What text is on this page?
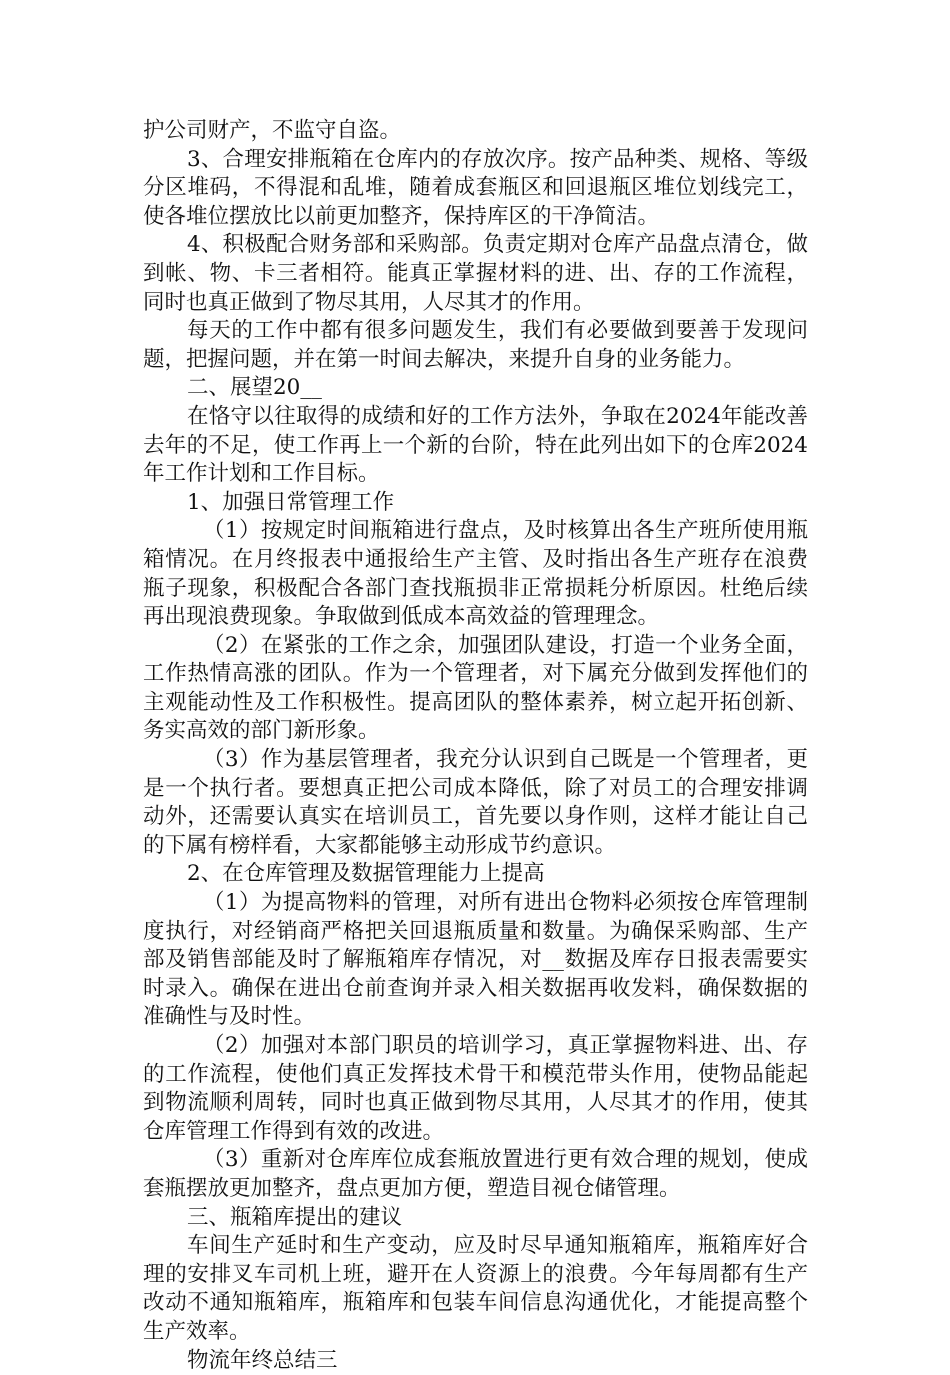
护公司财产，不监守自盗。

3、合理安排瓶箱在仓库内的存放次序。按产品种类、规格、等级分区堆码，不得混和乱堆，随着成套瓶区和回退瓶区堆位划线完工，使各堆位摆放比以前更加整齐，保持库区的干净简洁。

4、积极配合财务部和采购部。负责定期对仓库产品盘点清仓，做到帐、物、卡三者相符。能真正掌握材料的进、出、存的工作流程，同时也真正做到了物尽其用，人尽其才的作用。

每天的工作中都有很多问题发生，我们有必要做到要善于发现问题，把握问题，并在第一时间去解决，来提升自身的业务能力。

二、展望20__

在恪守以往取得的成绩和好的工作方法外，争取在2024年能改善去年的不足，使工作再上一个新的台阶，特在此列出如下的仓库2024年工作计划和工作目标。

1、加强日常管理工作

（1）按规定时间瓶箱进行盘点，及时核算出各生产班所使用瓶箱情况。在月终报表中通报给生产主管、及时指出各生产班存在浪费瓶子现象，积极配合各部门查找瓶损非正常损耗分析原因。杜绝后续再出现浪费现象。争取做到低成本高效益的管理理念。

（2）在紧张的工作之余，加强团队建设，打造一个业务全面，工作热情高涨的团队。作为一个管理者，对下属充分做到发挥他们的主观能动性及工作积极性。提高团队的整体素养，树立起开拓创新、务实高效的部门新形象。

（3）作为基层管理者，我充分认识到自己既是一个管理者，更是一个执行者。要想真正把公司成本降低，除了对员工的合理安排调动外，还需要认真实在培训员工，首先要以身作则，这样才能让自己的下属有榜样看，大家都能够主动形成节约意识。

2、在仓库管理及数据管理能力上提高

（1）为提高物料的管理，对所有进出仓物料必须按仓库管理制度执行，对经销商严格把关回退瓶质量和数量。为确保采购部、生产部及销售部能及时了解瓶箱库存情况，对__数据及库存日报表需要实时录入。确保在进出仓前查询并录入相关数据再收发料，确保数据的准确性与及时性。

（2）加强对本部门职员的培训学习，真正掌握物料进、出、存的工作流程，使他们真正发挥技术骨干和模范带头作用，使物品能起到物流顺利周转，同时也真正做到物尽其用，人尽其才的作用，使其仓库管理工作得到有效的改进。

（3）重新对仓库库位成套瓶放置进行更有效合理的规划，使成套瓶摆放更加整齐，盘点更加方便，塑造目视仓储管理。

三、瓶箱库提出的建议

车间生产延时和生产变动，应及时尽早通知瓶箱库，瓶箱库好合理的安排叉车司机上班，避开在人资源上的浪费。今年每周都有生产改动不通知瓶箱库，瓶箱库和包装车间信息沟通优化，才能提高整个生产效率。

物流年终总结三
